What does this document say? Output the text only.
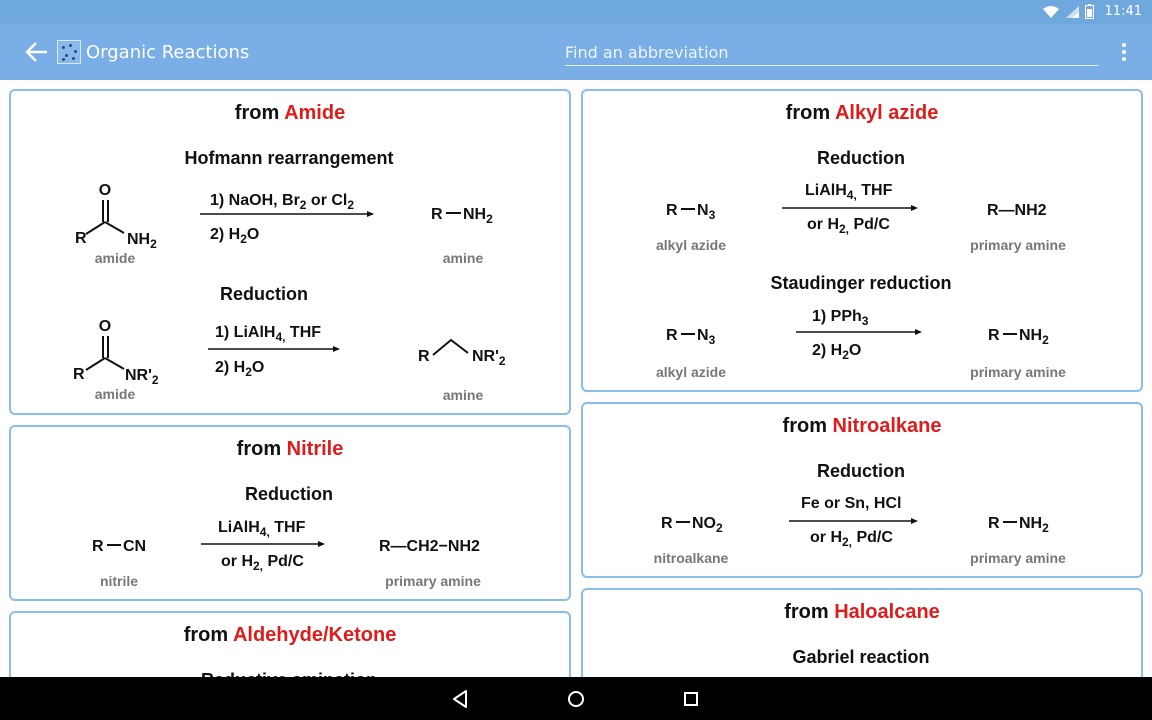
11:41
Organic Reactions
Find an abbreviation
from Amide
Hofmann rearrangement
O
R	$NH_2$
amide
1) NaOH, $Br_2$ or $Cl_2$
2) $H_2O$
R $NH_2$
amine
Reduction
O
R	$NR'_2$
amide
1) LiAlH$_{4,}$ THF
2) $H_2O$
R	$NR'_2$
amine
from Nitrile
Reduction
R CN
nitrile
LiAlH$_{4,}$ THF
or $H_{2,}$ Pd/C
R—CH2−NH2
primary amine
from Aldehyde/Ketone
from Alkyl azide
Reduction
R $N_3$
alkyl azide
LiAlH$_{4,}$ THF
or $H_{2,}$ Pd/C
R—NH2
primary amine
Staudinger reduction
R $N_3$
alkyl azide
1) PPh$_3$
2) $H_2O$
R $NH_2$
primary amine
from Nitroalkane
Reduction
R $NO_2$
nitroalkane
Fe or Sn, HCl
or $H_{2,}$ Pd/C
R $NH_2$
primary amine
from Haloalcane
Gabriel reaction
